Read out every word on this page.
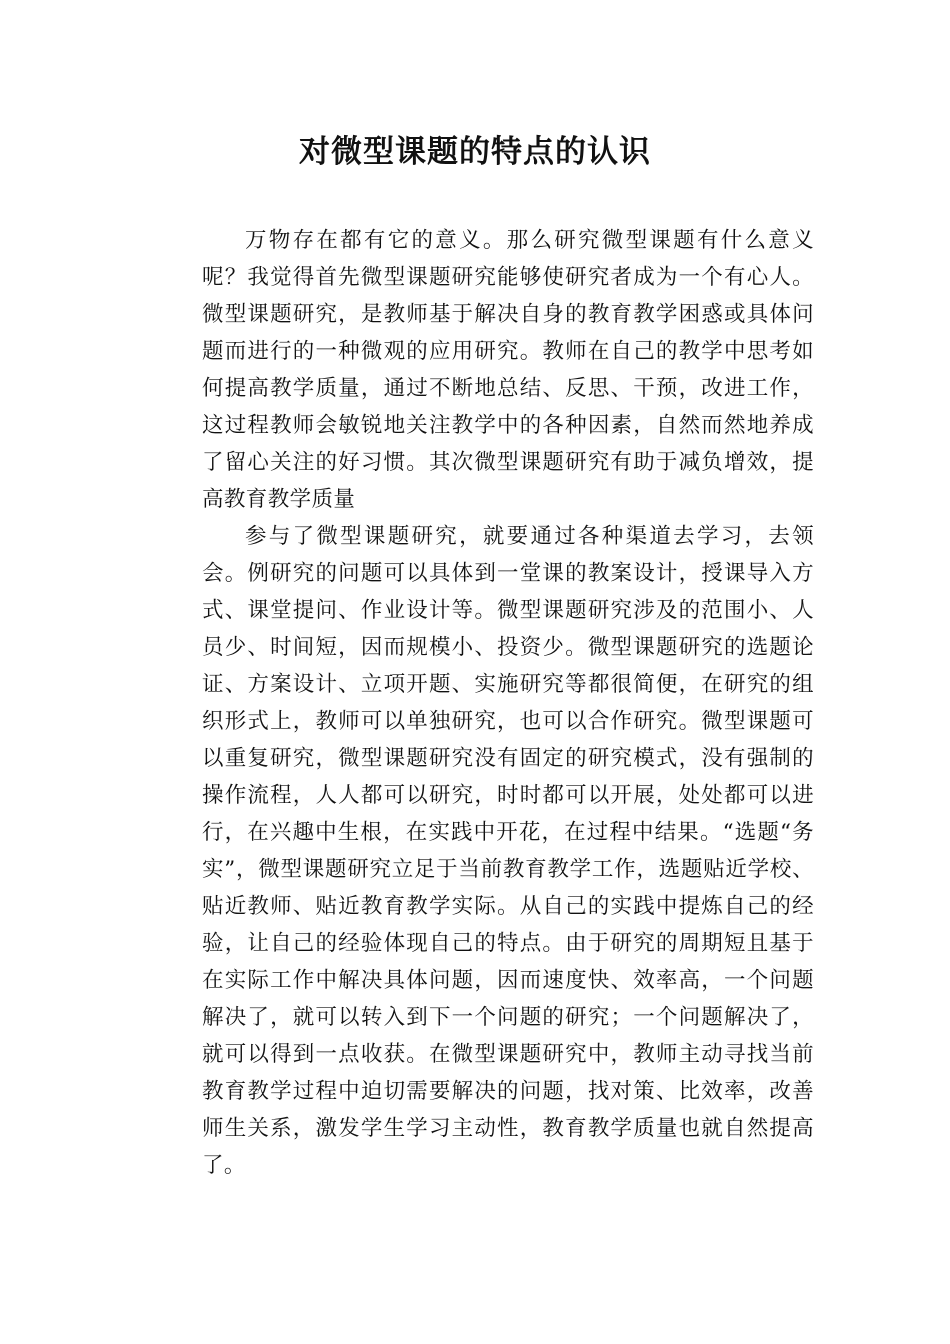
对微型课题的特点的认识

万物存在都有它的意义。那么研究微型课题有什么意义呢？我觉得首先微型课题研究能够使研究者成为一个有心人。微型课题研究，是教师基于解决自身的教育教学困惑或具体问题而进行的一种微观的应用研究。教师在自己的教学中思考如何提高教学质量，通过不断地总结、反思、干预，改进工作，这过程教师会敏锐地关注教学中的各种因素，自然而然地养成了留心关注的好习惯。其次微型课题研究有助于减负增效，提高教育教学质量

参与了微型课题研究，就要通过各种渠道去学习，去领会。例研究的问题可以具体到一堂课的教案设计，授课导入方式、课堂提问、作业设计等。微型课题研究涉及的范围小、人员少、时间短，因而规模小、投资少。微型课题研究的选题论证、方案设计、立项开题、实施研究等都很简便，在研究的组织形式上，教师可以单独研究，也可以合作研究。微型课题可以重复研究，微型课题研究没有固定的研究模式，没有强制的操作流程，人人都可以研究，时时都可以开展，处处都可以进行，在兴趣中生根，在实践中开花，在过程中结果。“选题“务实”，微型课题研究立足于当前教育教学工作，选题贴近学校、贴近教师、贴近教育教学实际。从自己的实践中提炼自己的经验，让自己的经验体现自己的特点。由于研究的周期短且基于在实际工作中解决具体问题，因而速度快、效率高，一个问题解决了，就可以转入到下一个问题的研究；一个问题解决了，就可以得到一点收获。在微型课题研究中，教师主动寻找当前教育教学过程中迫切需要解决的问题，找对策、比效率，改善师生关系，激发学生学习主动性，教育教学质量也就自然提高了。
